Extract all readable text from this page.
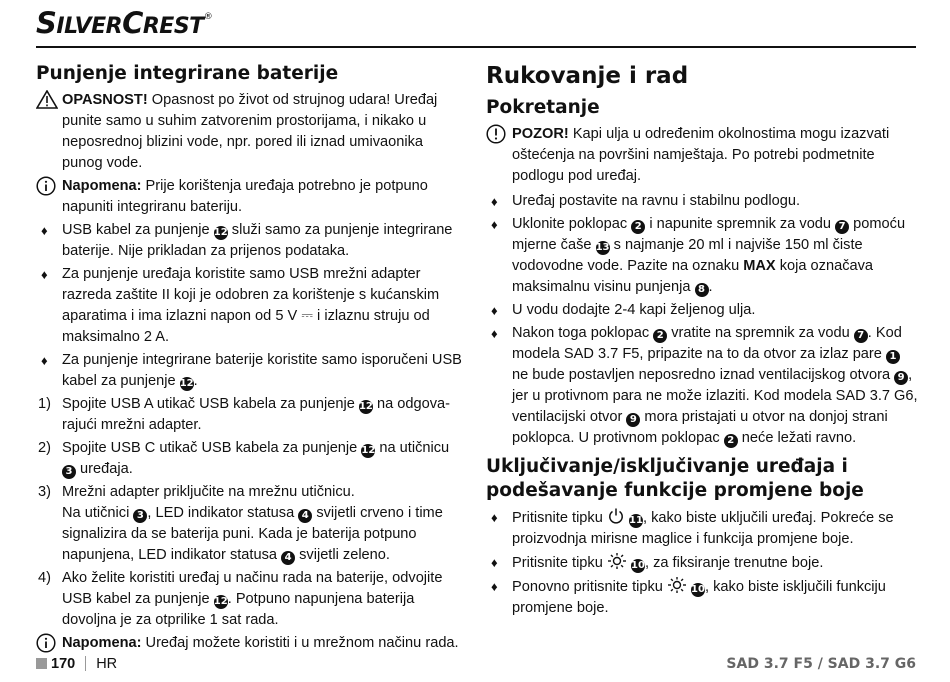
SILVERCREST®
Punjenje integrirane baterije
OPASNOST! Opasnost po život od strujnog udara! Uređaj punite samo u suhim zatvorenim prostorijama, i nikako u neposrednoj blizini vode, npr. pored ili iznad umivaonika punog vode.
Napomena: Prije korištenja uređaja potrebno je potpuno napuniti integriranu bateriju.
♦ USB kabel za punjenje 12 služi samo za punjenje integrirane baterije. Nije prikladan za prijenos podataka.
♦ Za punjenje uređaja koristite samo USB mrežni adapter razreda zaštite II koji je odobren za korištenje s kućanskim aparatima i ima izlazni napon od 5 V ⎓ i izlaznu struju od maksimalno 2 A.
♦ Za punjenje integrirane baterije koristite samo isporučeni USB kabel za punjenje 12.
1) Spojite USB A utikač USB kabela za punjenje 12 na odgovarajući mrežni adapter.
2) Spojite USB C utikač USB kabela za punjenje 12 na utičnicu 3 uređaja.
3) Mrežni adapter priključite na mrežnu utičnicu.
Na utičnici 3 , LED indikator statusa 4 svijetli crveno i time signalizira da se baterija puni. Kada je baterija potpuno napunjena, LED indikator statusa 4 svijetli zeleno.
4) Ako želite koristiti uređaj u načinu rada na baterije, odvojite USB kabel za punjenje 12. Potpuno napunjena baterija dovoljna je za otprilike 1 sat rada.
Napomena: Uređaj možete koristiti i u mrežnom načinu rada.
Rukovanje i rad
Pokretanje
POZOR! Kapi ulja u određenim okolnostima mogu izazvati oštećenja na površini namještaja. Po potrebi podmetnite podlogu pod uređaj.
♦ Uređaj postavite na ravnu i stabilnu podlogu.
♦ Uklonite poklopac 2 i napunite spremnik za vodu 7 pomoću mjerne čaše 13 s najmanje 20 ml i najviše 150 ml čiste vodovodne vode. Pazite na oznaku MAX koja označava maksimalnu visinu punjenja 8 .
♦ U vodu dodajte 2-4 kapi željenog ulja.
♦ Nakon toga poklopac 2 vratite na spremnik za vodu 7 . Kod modela SAD 3.7 F5, pripazite na to da otvor za izlaz pare 1 ne bude postavljen neposredno iznad ventilacijskog otvora 9 , jer u protivnom para ne može izlaziti. Kod modela SAD 3.7 G6, ventilacijski otvor 9 mora pristajati u otvor na donjoj strani poklopca. U protivnom poklopac 2 neće ležati ravno.
Uključivanje/isključivanje uređaja i podešavanje funkcije promjene boje
♦ Pritisnite tipku  11, kako biste uključili uređaj. Pokreće se proizvodnja mirisne maglice i funkcija promjene boje.
♦ Pritisnite tipku  10, za fiksiranje trenutne boje.
♦ Ponovno pritisnite tipku  10, kako biste isključili funkciju promjene boje.
170 HR	SAD 3.7 F5 / SAD 3.7 G6
